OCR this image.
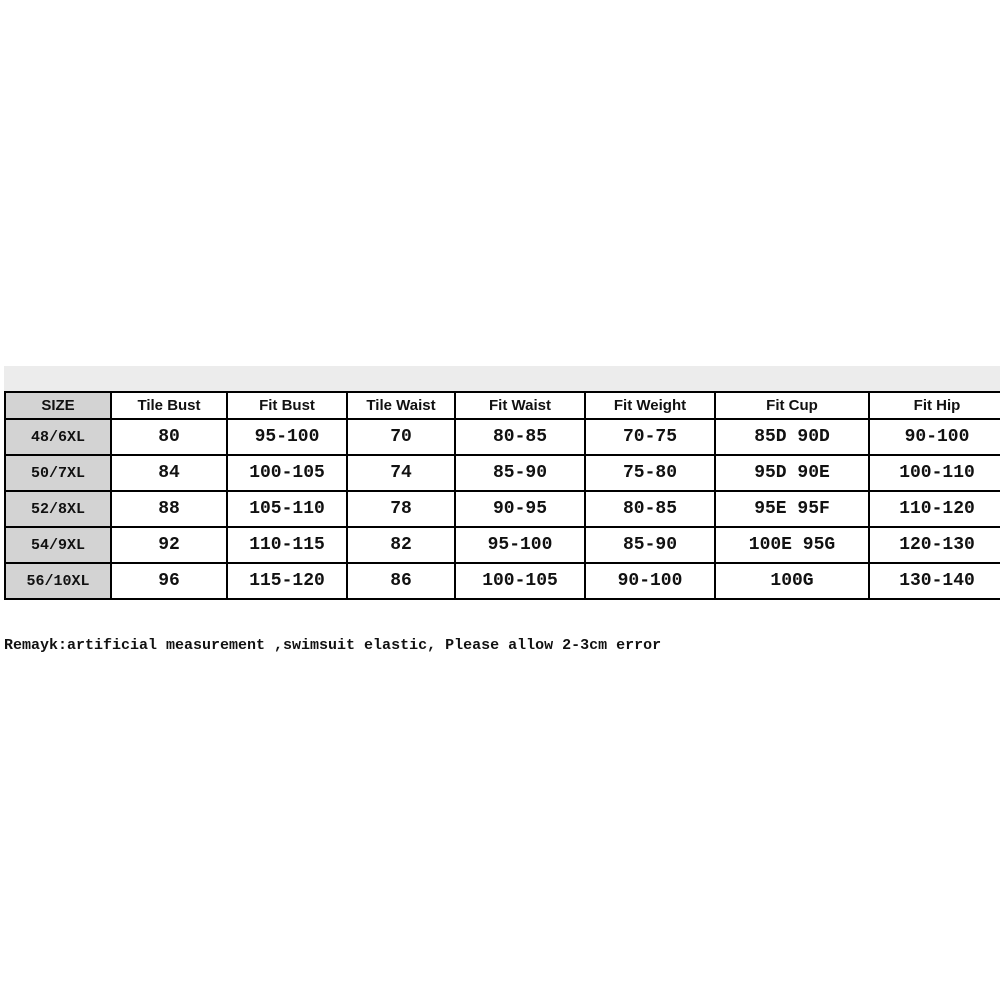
SIZE	Tile Bust	Fit Bust	Tile Waist	Fit Waist	Fit Weight	Fit Cup	Fit Hip
48/6XL	80	95-100	70	80-85	70-75	85D 90D	90-100
50/7XL	84	100-105	74	85-90	75-80	95D 90E	100-110
52/8XL	88	105-110	78	90-95	80-85	95E 95F	110-120
54/9XL	92	110-115	82	95-100	85-90	100E 95G	120-130
56/10XL	96	115-120	86	100-105	90-100	100G	130-140
Remayk:artificial measurement ,swimsuit elastic, Please allow 2-3cm error
